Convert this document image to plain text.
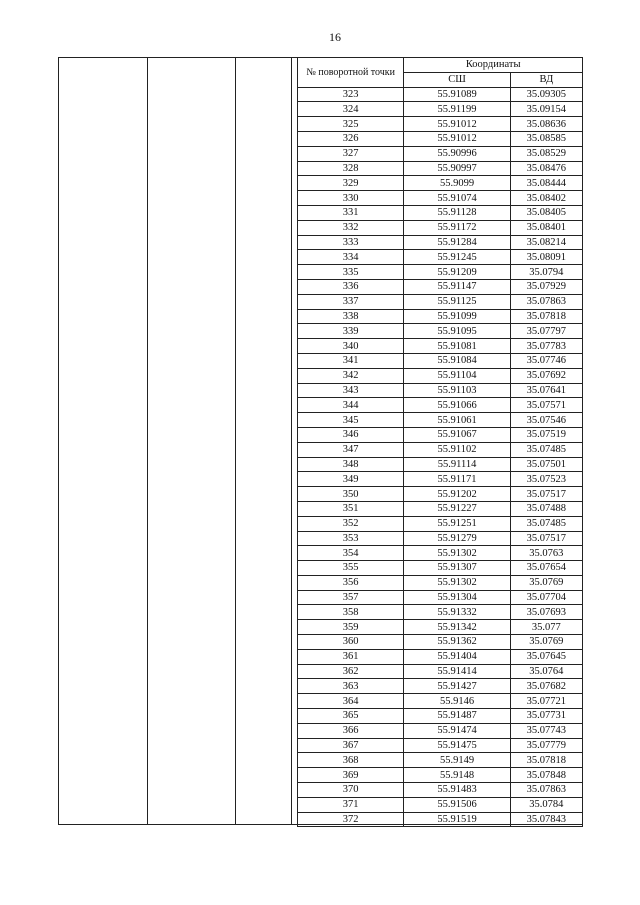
16
№ поворотной точки	Координаты	
	СШ	ВД
323	55.91089	35.09305
324	55.91199	35.09154
325	55.91012	35.08636
326	55.91012	35.08585
327	55.90996	35.08529
328	55.90997	35.08476
329	55.9099	35.08444
330	55.91074	35.08402
331	55.91128	35.08405
332	55.91172	35.08401
333	55.91284	35.08214
334	55.91245	35.08091
335	55.91209	35.0794
336	55.91147	35.07929
337	55.91125	35.07863
338	55.91099	35.07818
339	55.91095	35.07797
340	55.91081	35.07783
341	55.91084	35.07746
342	55.91104	35.07692
343	55.91103	35.07641
344	55.91066	35.07571
345	55.91061	35.07546
346	55.91067	35.07519
347	55.91102	35.07485
348	55.91114	35.07501
349	55.91171	35.07523
350	55.91202	35.07517
351	55.91227	35.07488
352	55.91251	35.07485
353	55.91279	35.07517
354	55.91302	35.0763
355	55.91307	35.07654
356	55.91302	35.0769
357	55.91304	35.07704
358	55.91332	35.07693
359	55.91342	35.077
360	55.91362	35.0769
361	55.91404	35.07645
362	55.91414	35.0764
363	55.91427	35.07682
364	55.9146	35.07721
365	55.91487	35.07731
366	55.91474	35.07743
367	55.91475	35.07779
368	55.9149	35.07818
369	55.9148	35.07848
370	55.91483	35.07863
371	55.91506	35.0784
372	55.91519	35.07843
